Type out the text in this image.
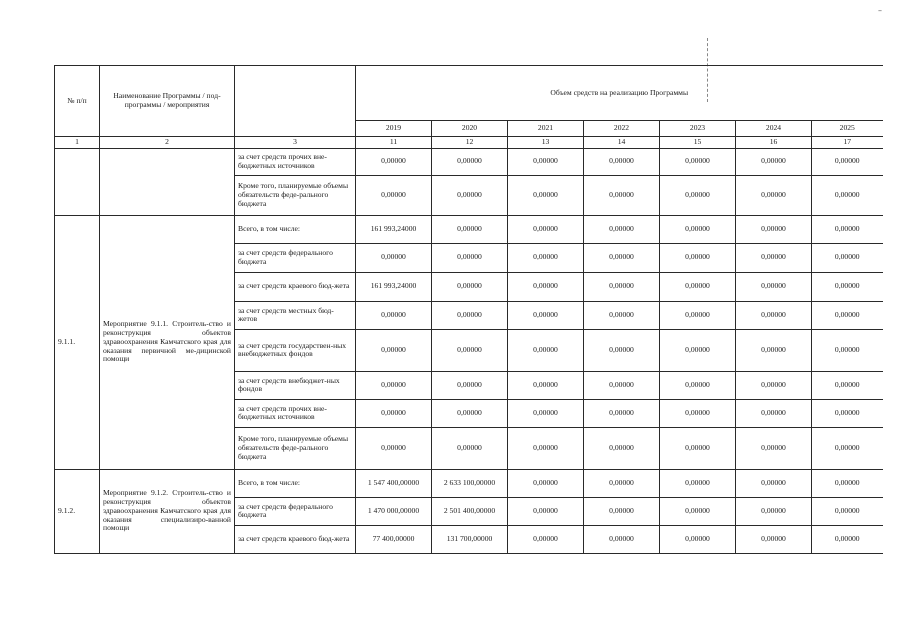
–
№ п/п	Наименование Программы / под-программы / мероприятия		Объем средств на реализацию Программы						
			2019	2020	2021	2022	2023	2024	2025
1	2	3	11	12	13	14	15	16	17
		за счет средств прочих вне-бюджетных источников	0,00000	0,00000	0,00000	0,00000	0,00000	0,00000	0,00000
		Кроме того, планируемые объемы обязательств феде-рального бюджета	0,00000	0,00000	0,00000	0,00000	0,00000	0,00000	0,00000
9.1.1.	Мероприятие 9.1.1. Строитель-ство и реконструкция объектов здравоохранения Камчатского края для оказания первичной ме-дицинской помощи	Всего, в том числе:	161 993,24000	0,00000	0,00000	0,00000	0,00000	0,00000	0,00000
		за счет средств федерального бюджета	0,00000	0,00000	0,00000	0,00000	0,00000	0,00000	0,00000
		за счет средств краевого бюд-жета	161 993,24000	0,00000	0,00000	0,00000	0,00000	0,00000	0,00000
		за счет средств местных бюд-жетов	0,00000	0,00000	0,00000	0,00000	0,00000	0,00000	0,00000
		за счет средств государствен-ных внебюджетных фондов	0,00000	0,00000	0,00000	0,00000	0,00000	0,00000	0,00000
		за счет средств внебюджет-ных фондов	0,00000	0,00000	0,00000	0,00000	0,00000	0,00000	0,00000
		за счет средств прочих вне-бюджетных источников	0,00000	0,00000	0,00000	0,00000	0,00000	0,00000	0,00000
		Кроме того, планируемые объемы обязательств феде-рального бюджета	0,00000	0,00000	0,00000	0,00000	0,00000	0,00000	0,00000
9.1.2.	Мероприятие 9.1.2. Строитель-ство и реконструкция объектов здравоохранения Камчатского края для оказания специализиро-ванной помощи	Всего, в том числе:	1 547 400,00000	2 633 100,00000	0,00000	0,00000	0,00000	0,00000	0,00000
		за счет средств федерального бюджета	1 470 000,00000	2 501 400,00000	0,00000	0,00000	0,00000	0,00000	0,00000
		за счет средств краевого бюд-жета	77 400,00000	131 700,00000	0,00000	0,00000	0,00000	0,00000	0,00000
